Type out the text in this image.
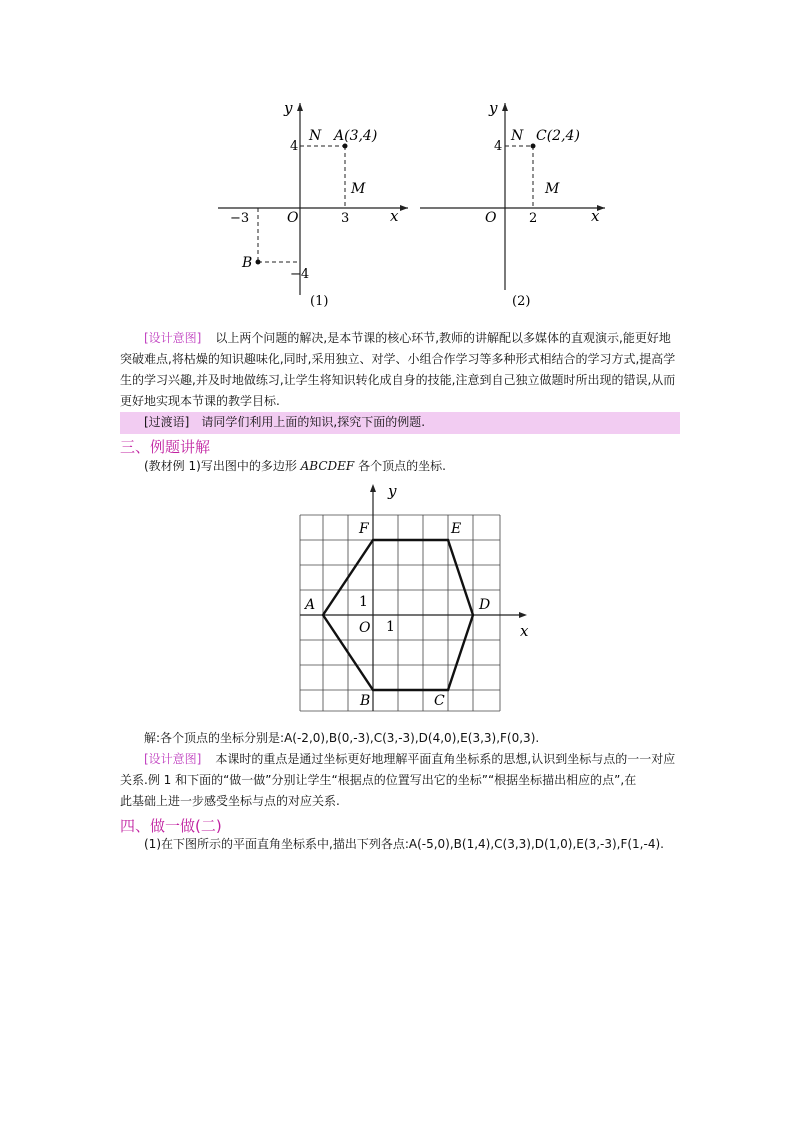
y
x
O
N A(3,4)
M
B
4
3
−3
−4
(1)
y
x
O
N C(2,4)
M
4
2
(2)
[设计意图] 以上两个问题的解决,是本节课的核心环节,教师的讲解配以多媒体的直观演示,能更好地
突破难点,将枯燥的知识趣味化,同时,采用独立、对学、小组合作学习等多种形式相结合的学习方式,提高学
生的学习兴趣,并及时地做练习,让学生将知识转化成自身的技能,注意到自己独立做题时所出现的错误,从而
更好地实现本节课的教学目标.
[过渡语] 请同学们利用上面的知识,探究下面的例题.
三、例题讲解
(教材例 1)写出图中的多边形 ABCDEF 各个顶点的坐标.
y
x
O
1
1
A
B	C
D
E
F
解:各个顶点的坐标分别是:A(-2,0),B(0,-3),C(3,-3),D(4,0),E(3,3),F(0,3).
[设计意图] 本课时的重点是通过坐标更好地理解平面直角坐标系的思想,认识到坐标与点的一一对应
关系.例 1 和下面的“做一做”分别让学生“根据点的位置写出它的坐标”“根据坐标描出相应的点”,在
此基础上进一步感受坐标与点的对应关系.
四、做一做(二)
(1)在下图所示的平面直角坐标系中,描出下列各点:A(-5,0),B(1,4),C(3,3),D(1,0),E(3,-3),F(1,-4).
